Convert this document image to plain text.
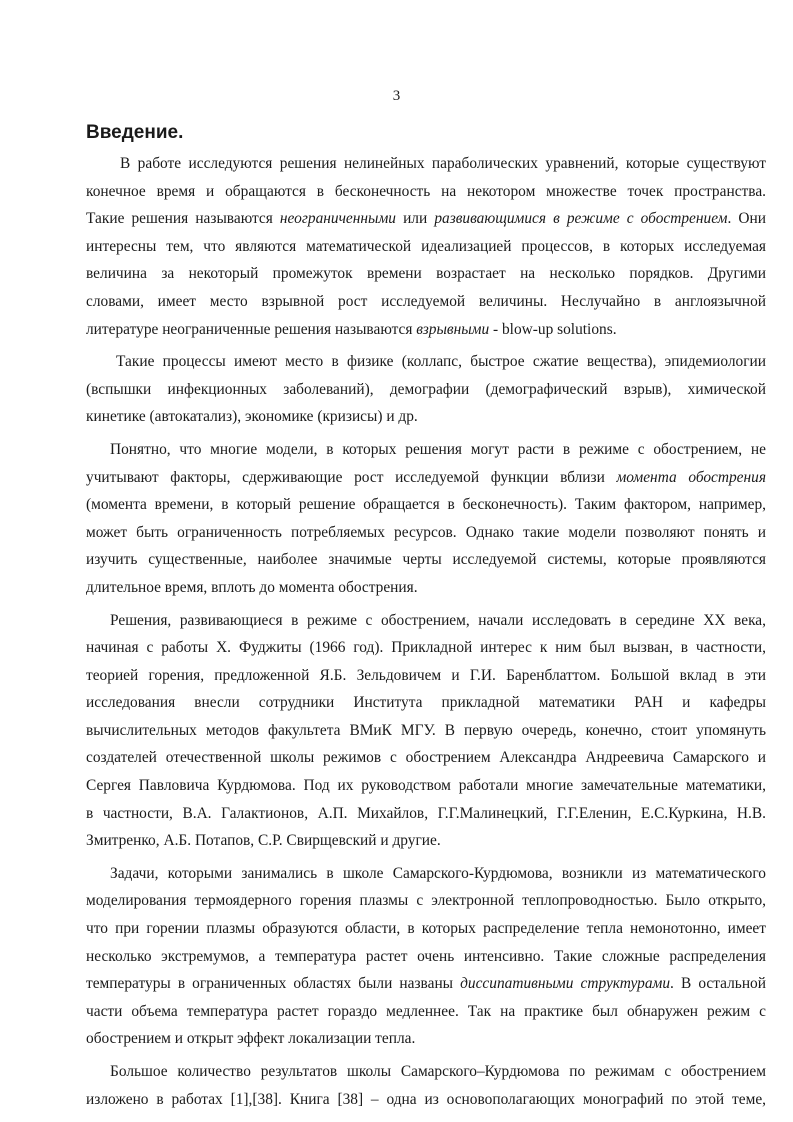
3
Введение.
В работе исследуются решения нелинейных параболических уравнений, которые существуют
конечное время и обращаются в бесконечность на некотором множестве точек пространства.
Такие решения называются неограниченными или развивающимися в режиме с обострением. Они
интересны тем, что являются математической идеализацией процессов, в которых исследуемая
величина за некоторый промежуток времени возрастает на несколько порядков. Другими
словами, имеет место взрывной рост исследуемой величины. Неслучайно в англоязычной
литературе неограниченные решения называются взрывными - blow-up solutions.
Такие процессы имеют место в физике (коллапс, быстрое сжатие вещества), эпидемиологии
(вспышки инфекционных заболеваний), демографии (демографический взрыв), химической
кинетике (автокатализ), экономике (кризисы) и др.
Понятно, что многие модели, в которых решения могут расти в режиме с обострением, не
учитывают факторы, сдерживающие рост исследуемой функции вблизи момента обострения
(момента времени, в который решение обращается в бесконечность). Таким фактором, например,
может быть ограниченность потребляемых ресурсов. Однако такие модели позволяют понять и
изучить существенные, наиболее значимые черты исследуемой системы, которые проявляются
длительное время, вплоть до момента обострения.
Решения, развивающиеся в режиме с обострением, начали исследовать в середине XX века,
начиная с работы Х. Фуджиты (1966 год). Прикладной интерес к ним был вызван, в частности,
теорией горения, предложенной Я.Б. Зельдовичем и Г.И. Баренблаттом. Большой вклад в эти
исследования внесли сотрудники Института прикладной математики РАН и кафедры
вычислительных методов факультета ВМиК МГУ. В первую очередь, конечно, стоит упомянуть
создателей отечественной школы режимов с обострением Александра Андреевича Самарского и
Сергея Павловича Курдюмова. Под их руководством работали многие замечательные математики,
в частности, В.А. Галактионов, А.П. Михайлов, Г.Г.Малинецкий, Г.Г.Еленин, Е.С.Куркина, Н.В.
Змитренко, А.Б. Потапов, С.Р. Свирщевский и другие.
Задачи, которыми занимались в школе Самарского-Курдюмова, возникли из математического
моделирования термоядерного горения плазмы с электронной теплопроводностью. Было открыто,
что при горении плазмы образуются области, в которых распределение тепла немонотонно, имеет
несколько экстремумов, а температура растет очень интенсивно. Такие сложные распределения
температуры в ограниченных областях были названы диссипативными структурами. В остальной
части объема температура растет гораздо медленнее. Так на практике был обнаружен режим с
обострением и открыт эффект локализации тепла.
Большое количество результатов школы Самарского–Курдюмова по режимам с обострением
изложено в работах [1],[38]. Книга [38] – одна из основополагающих монографий по этой теме,
